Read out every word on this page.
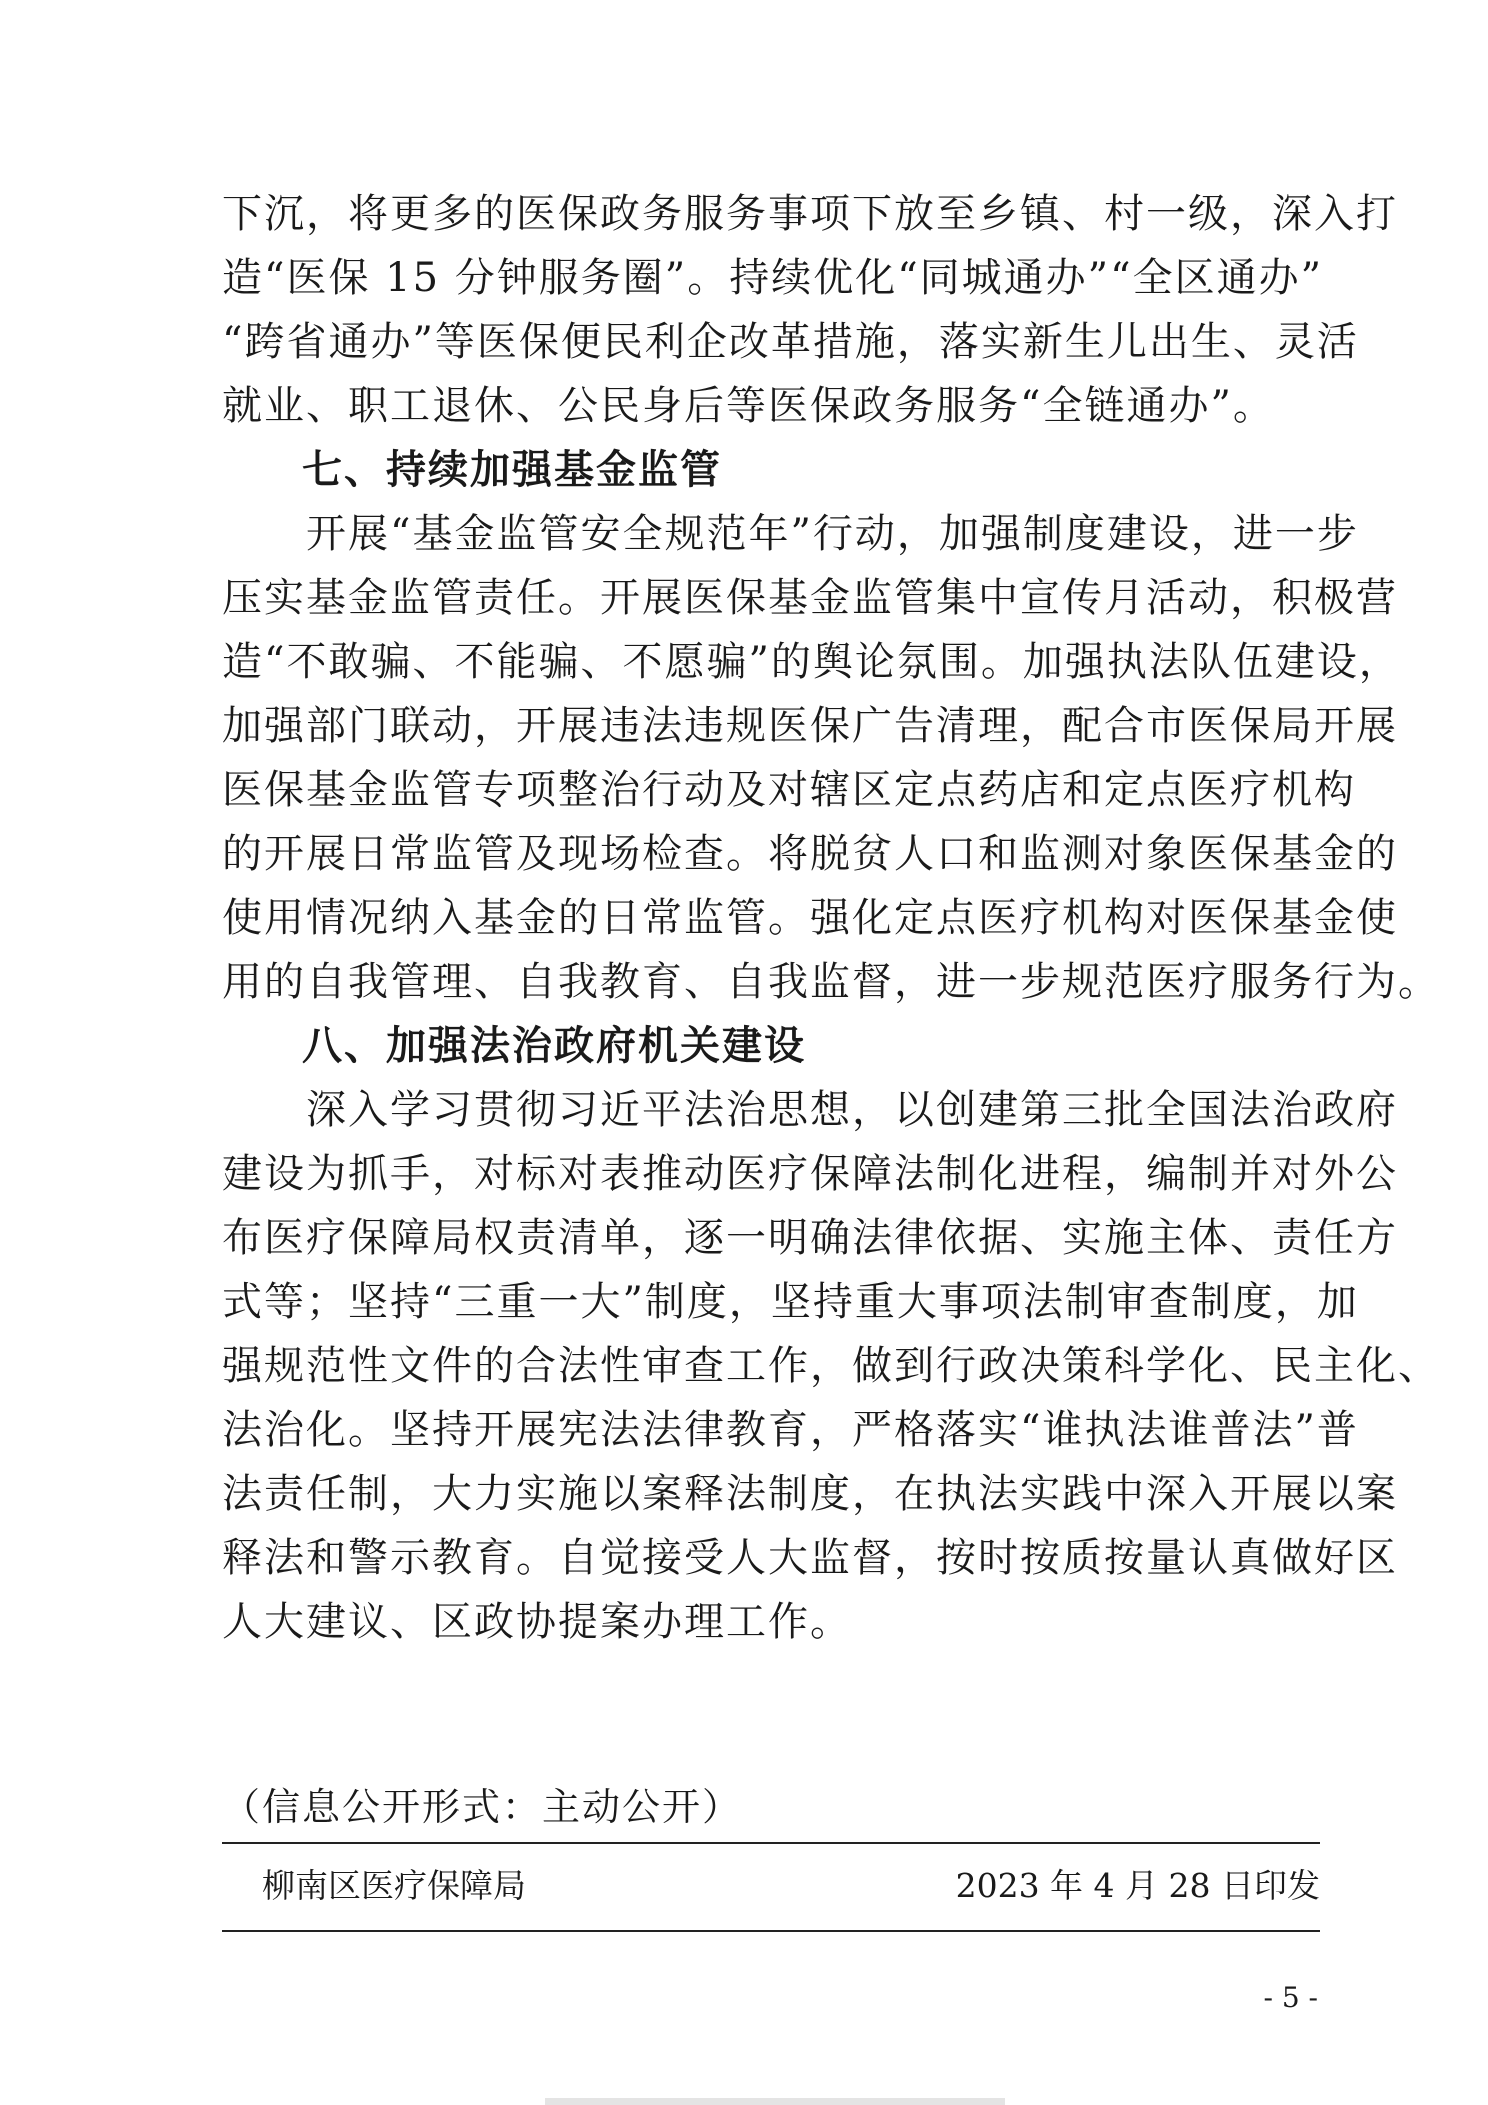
下沉，将更多的医保政务服务事项下放至乡镇、村一级，深入打
造“医保 15 分钟服务圈”。持续优化“同城通办”“全区通办”
“跨省通办”等医保便民利企改革措施，落实新生儿出生、灵活
就业、职工退休、公民身后等医保政务服务“全链通办”。
七、持续加强基金监管
　　开展“基金监管安全规范年”行动，加强制度建设，进一步
压实基金监管责任。开展医保基金监管集中宣传月活动，积极营
造“不敢骗、不能骗、不愿骗”的舆论氛围。加强执法队伍建设，
加强部门联动，开展违法违规医保广告清理，配合市医保局开展
医保基金监管专项整治行动及对辖区定点药店和定点医疗机构
的开展日常监管及现场检查。将脱贫人口和监测对象医保基金的
使用情况纳入基金的日常监管。强化定点医疗机构对医保基金使
用的自我管理、自我教育、自我监督，进一步规范医疗服务行为。
八、加强法治政府机关建设
　　深入学习贯彻习近平法治思想，以创建第三批全国法治政府
建设为抓手，对标对表推动医疗保障法制化进程，编制并对外公
布医疗保障局权责清单，逐一明确法律依据、实施主体、责任方
式等；坚持“三重一大”制度，坚持重大事项法制审查制度，加
强规范性文件的合法性审查工作，做到行政决策科学化、民主化、
法治化。坚持开展宪法法律教育，严格落实“谁执法谁普法”普
法责任制，大力实施以案释法制度，在执法实践中深入开展以案
释法和警示教育。自觉接受人大监督，按时按质按量认真做好区
人大建议、区政协提案办理工作。
（信息公开形式：主动公开）
柳南区医疗保障局	2023 年 4 月 28 日印发
- 5 -
